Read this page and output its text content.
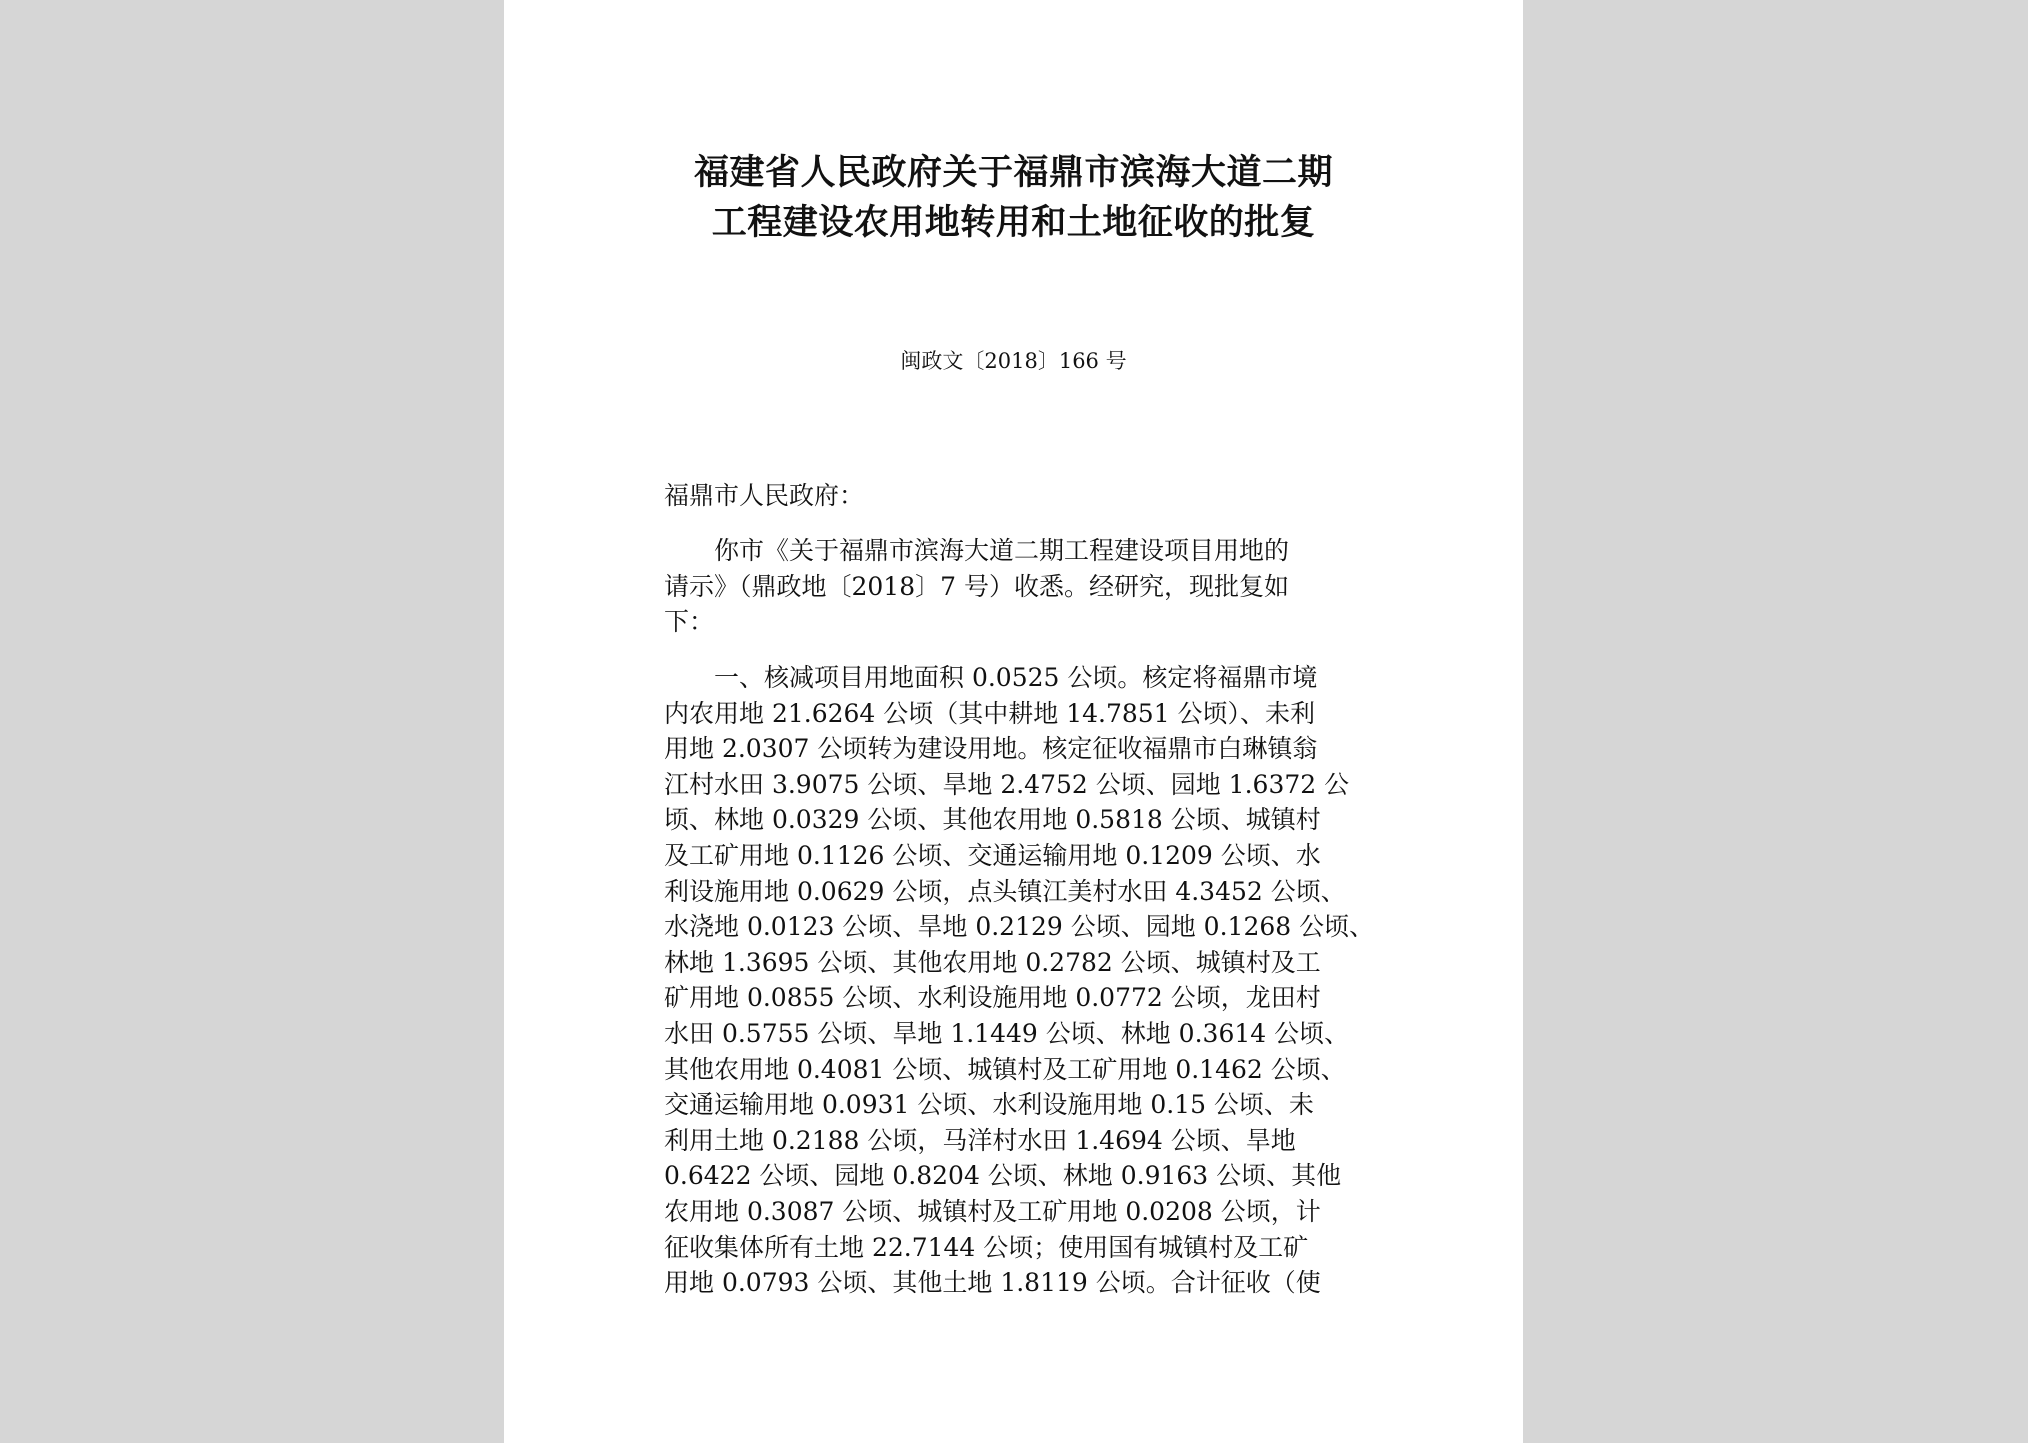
福建省人民政府关于福鼎市滨海大道二期
工程建设农用地转用和土地征收的批复
闽政文〔2018〕166 号
福鼎市人民政府：
　　你市《关于福鼎市滨海大道二期工程建设项目用地的
请示》（鼎政地〔2018〕7 号）收悉。经研究，现批复如
下：
　　一、核减项目用地面积 0.0525 公顷。核定将福鼎市境
内农用地 21.6264 公顷（其中耕地 14.7851 公顷）、未利
用地 2.0307 公顷转为建设用地。核定征收福鼎市白琳镇翁
江村水田 3.9075 公顷、旱地 2.4752 公顷、园地 1.6372 公
顷、林地 0.0329 公顷、其他农用地 0.5818 公顷、城镇村
及工矿用地 0.1126 公顷、交通运输用地 0.1209 公顷、水
利设施用地 0.0629 公顷，点头镇江美村水田 4.3452 公顷、
水浇地 0.0123 公顷、旱地 0.2129 公顷、园地 0.1268 公顷、
林地 1.3695 公顷、其他农用地 0.2782 公顷、城镇村及工
矿用地 0.0855 公顷、水利设施用地 0.0772 公顷，龙田村
水田 0.5755 公顷、旱地 1.1449 公顷、林地 0.3614 公顷、
其他农用地 0.4081 公顷、城镇村及工矿用地 0.1462 公顷、
交通运输用地 0.0931 公顷、水利设施用地 0.15 公顷、未
利用土地 0.2188 公顷，马洋村水田 1.4694 公顷、旱地
0.6422 公顷、园地 0.8204 公顷、林地 0.9163 公顷、其他
农用地 0.3087 公顷、城镇村及工矿用地 0.0208 公顷，计
征收集体所有土地 22.7144 公顷；使用国有城镇村及工矿
用地 0.0793 公顷、其他土地 1.8119 公顷。合计征收（使
